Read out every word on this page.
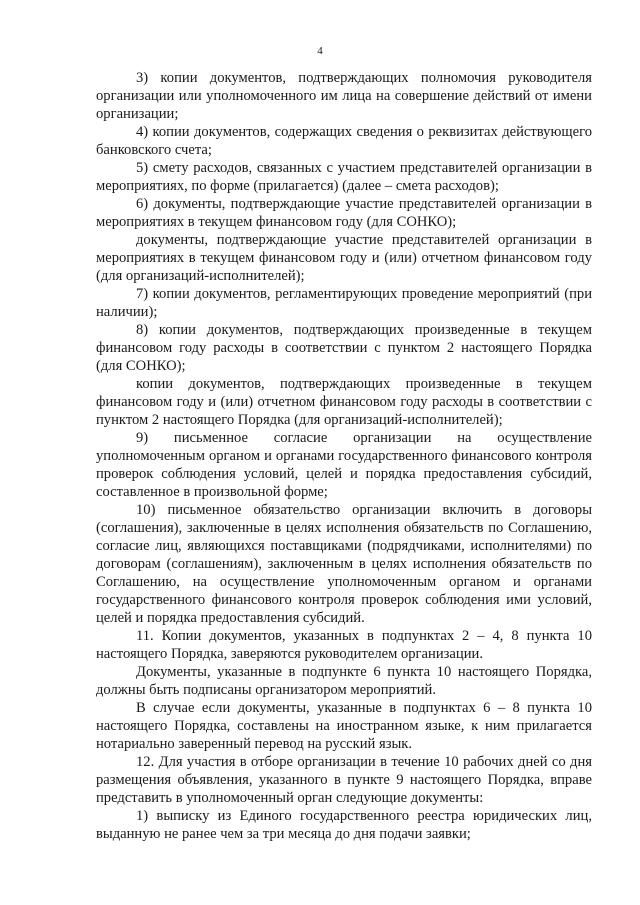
4

3) копии документов, подтверждающих полномочия руководителя организации или уполномоченного им лица на совершение действий от имени организации;

4) копии документов, содержащих сведения о реквизитах действующего банковского счета;

5) смету расходов, связанных с участием представителей организации в мероприятиях, по форме (прилагается) (далее – смета расходов);

6) документы, подтверждающие участие представителей организации в мероприятиях в текущем финансовом году (для СОНКО);

документы, подтверждающие участие представителей организации в мероприятиях в текущем финансовом году и (или) отчетном финансовом году (для организаций-исполнителей);

7) копии документов, регламентирующих проведение мероприятий (при наличии);

8) копии документов, подтверждающих произведенные в текущем финансовом году расходы в соответствии с пунктом 2 настоящего Порядка (для СОНКО);

копии документов, подтверждающих произведенные в текущем финансовом году и (или) отчетном финансовом году расходы в соответствии с пунктом 2 настоящего Порядка (для организаций-исполнителей);

9) письменное согласие организации на осуществление уполномоченным органом и органами государственного финансового контроля проверок соблюдения условий, целей и порядка предоставления субсидий, составленное в произвольной форме;

10) письменное обязательство организации включить в договоры (соглашения), заключенные в целях исполнения обязательств по Соглашению, согласие лиц, являющихся поставщиками (подрядчиками, исполнителями) по договорам (соглашениям), заключенным в целях исполнения обязательств по Соглашению, на осуществление уполномоченным органом и органами государственного финансового контроля проверок соблюдения ими условий, целей и порядка предоставления субсидий.

11. Копии документов, указанных в подпунктах 2 – 4, 8 пункта 10 настоящего Порядка, заверяются руководителем организации.

Документы, указанные в подпункте 6 пункта 10 настоящего Порядка, должны быть подписаны организатором мероприятий.

В случае если документы, указанные в подпунктах 6 – 8 пункта 10 настоящего Порядка, составлены на иностранном языке, к ним прилагается нотариально заверенный перевод на русский язык.

12. Для участия в отборе организации в течение 10 рабочих дней со дня размещения объявления, указанного в пункте 9 настоящего Порядка, вправе представить в уполномоченный орган следующие документы:

1) выписку из Единого государственного реестра юридических лиц, выданную не ранее чем за три месяца до дня подачи заявки;
